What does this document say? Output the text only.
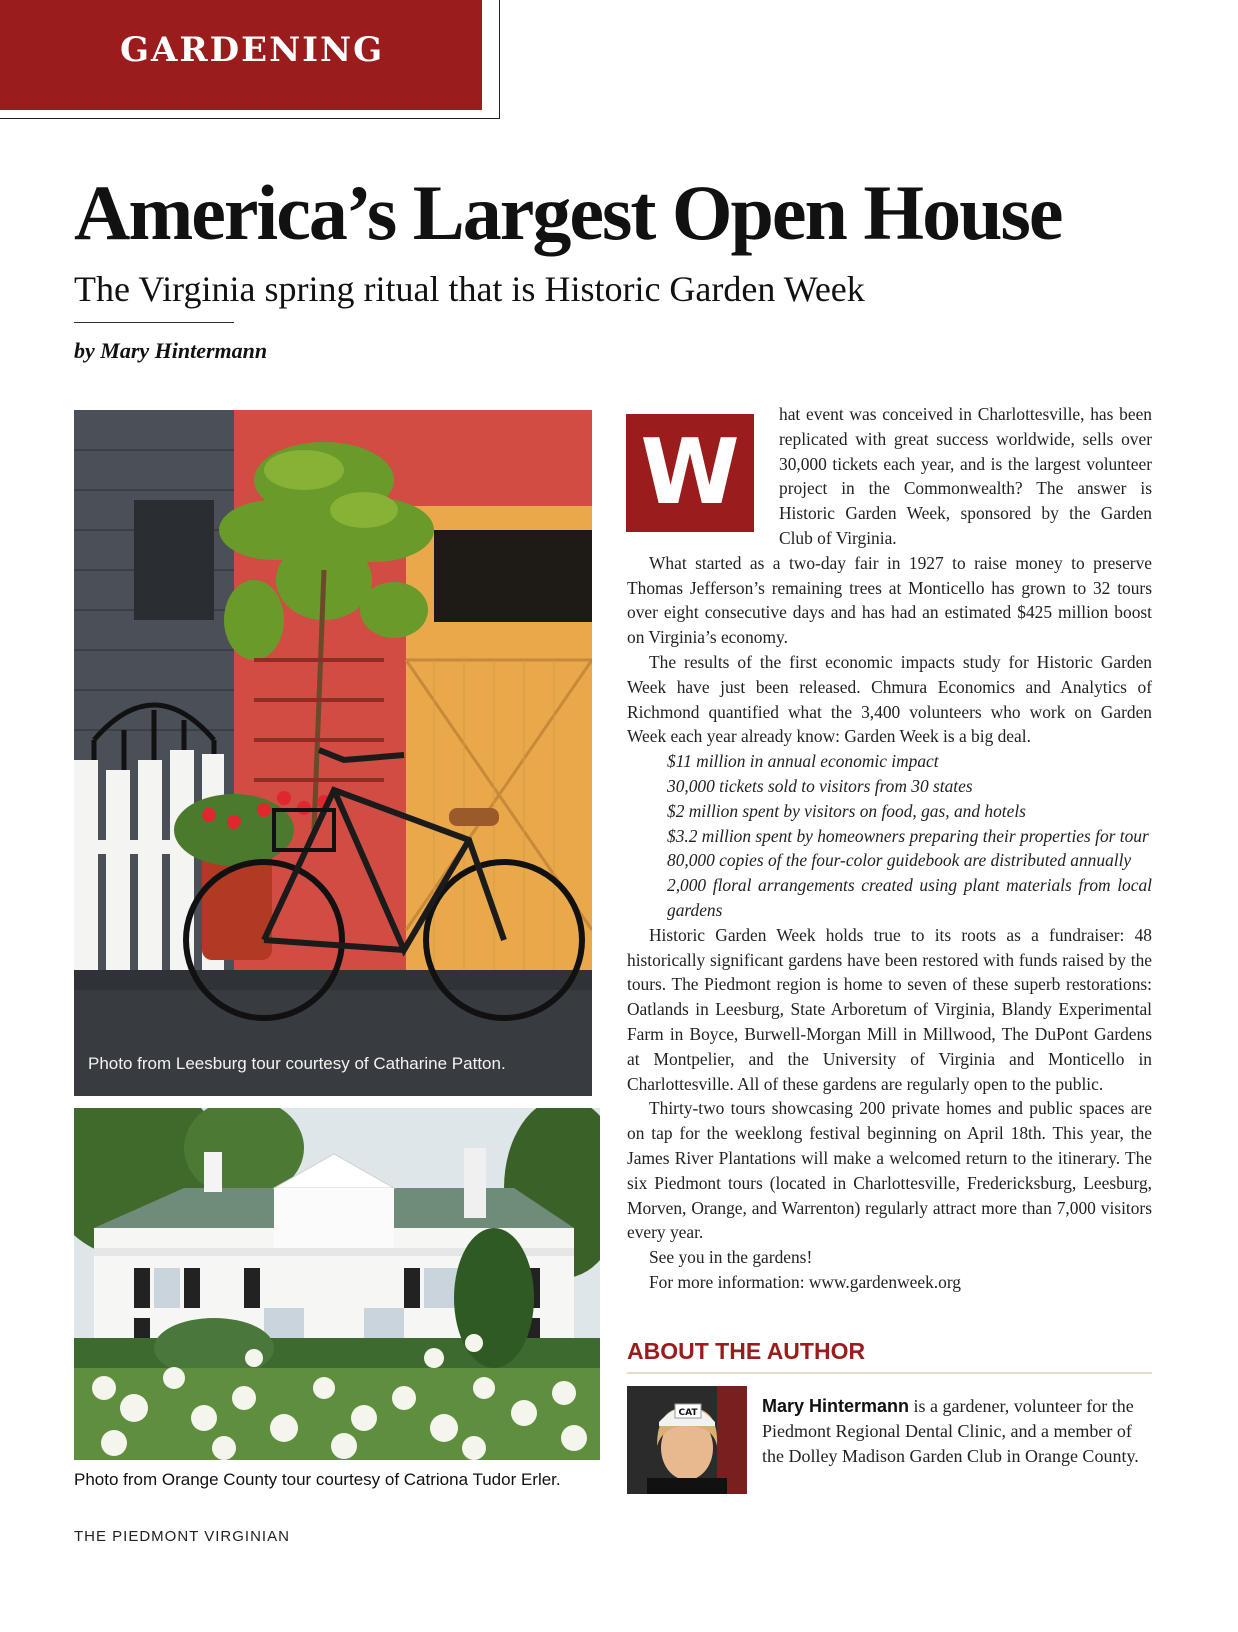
GARDENING
America’s Largest Open House
The Virginia spring ritual that is Historic Garden Week
by Mary Hintermann
Photo from Leesburg tour courtesy of Catharine Patton.
Photo from Orange County tour courtesy of Catriona Tudor Erler.
W

hat event was conceived in Charlottesville, has been replicated with great success worldwide, sells over 30,000 tickets each year, and is the largest volunteer project in the Commonwealth? The answer is Historic Garden Week, sponsored by the Garden Club of Virginia.

What started as a two-day fair in 1927 to raise money to preserve Thomas Jefferson’s remaining trees at Monticello has grown to 32 tours over eight consecutive days and has had an estimated $425 million boost on Virginia’s economy.

The results of the first economic impacts study for Historic Garden Week have just been released. Chmura Economics and Analytics of Richmond quantified what the 3,400 volunteers who work on Garden Week each year already know: Garden Week is a big deal.

$11 million in annual economic impact
30,000 tickets sold to visitors from 30 states
$2 million spent by visitors on food, gas, and hotels
$3.2 million spent by homeowners preparing their properties for tour
80,000 copies of the four-color guidebook are distributed annually
2,000 floral arrangements created using plant materials from local gardens

Historic Garden Week holds true to its roots as a fundraiser: 48 historically significant gardens have been restored with funds raised by the tours. The Piedmont region is home to seven of these superb restorations: Oatlands in Leesburg, State Arboretum of Virginia, Blandy Experimental Farm in Boyce, Burwell-Morgan Mill in Millwood, The DuPont Gardens at Montpelier, and the University of Virginia and Monticello in Charlottesville. All of these gardens are regularly open to the public.

Thirty-two tours showcasing 200 private homes and public spaces are on tap for the weeklong festival beginning on April 18th. This year, the James River Plantations will make a welcomed return to the itinerary. The six Piedmont tours (located in Charlottesville, Fredericksburg, Leesburg, Morven, Orange, and Warrenton) regularly attract more than 7,000 visitors every year.

See you in the gardens!

For more information: www.gardenweek.org

ABOUT THE AUTHOR
CAT	Mary Hintermann is a gardener, volunteer for the Piedmont Regional Dental Clinic, and a member of the Dolley Madison Garden Club in Orange County.
THE PIEDMONT VIRGINIAN
